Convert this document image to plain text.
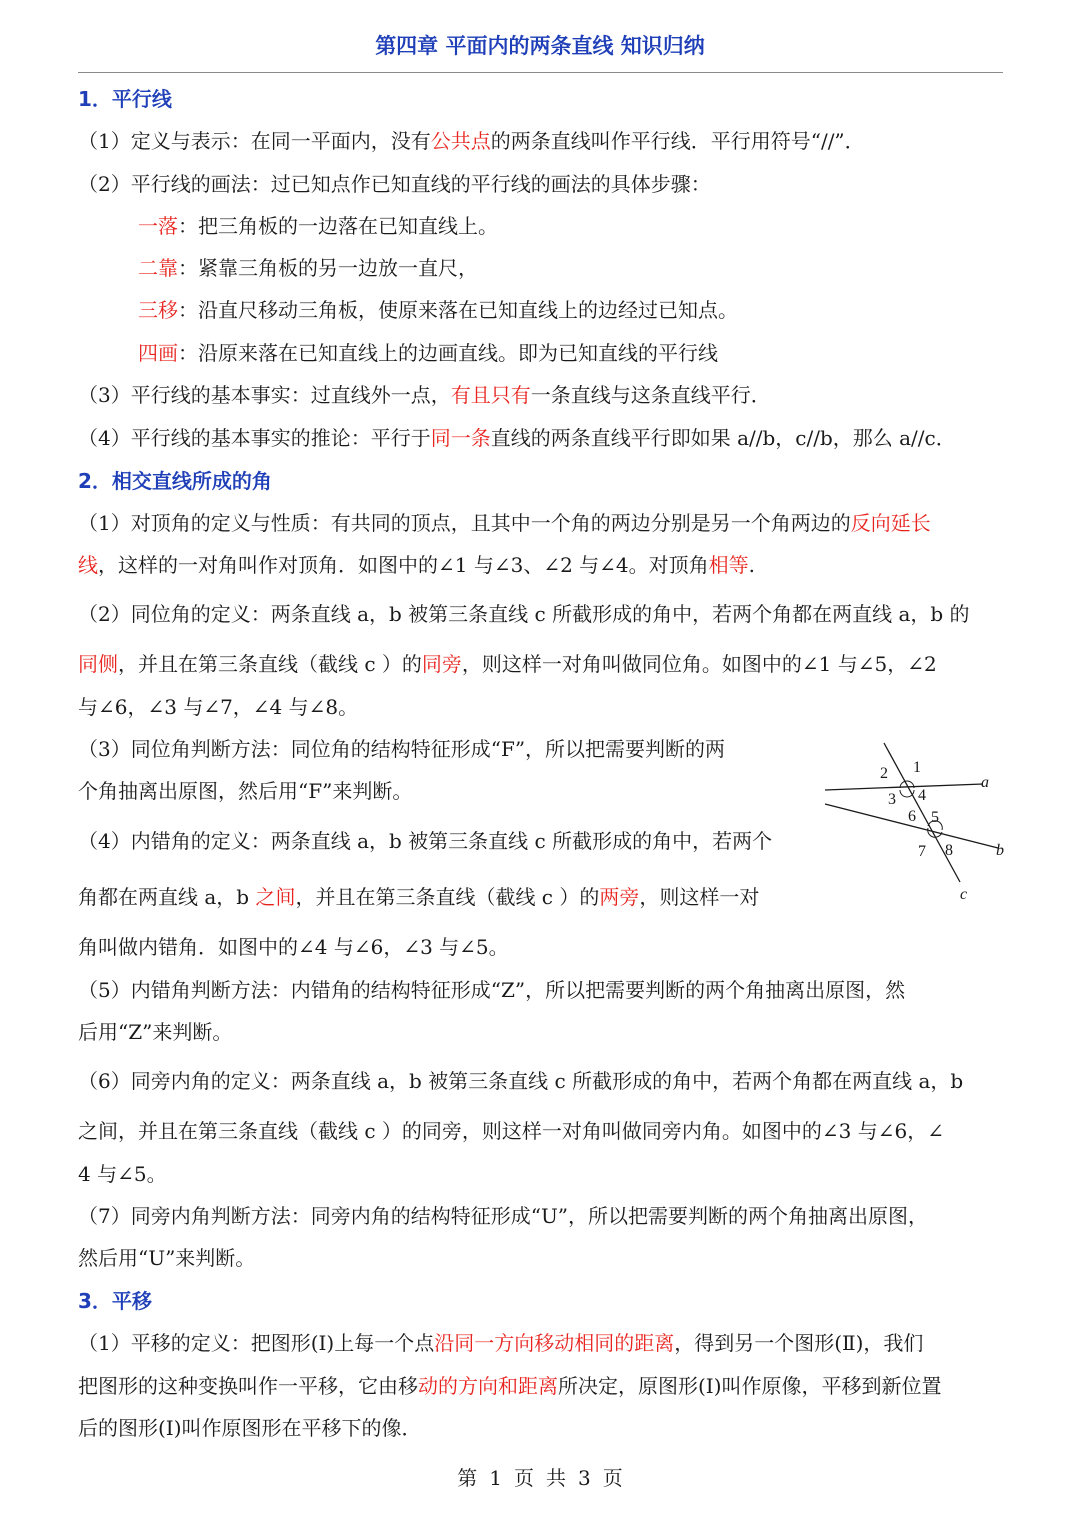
第四章 平面内的两条直线 知识归纳
1．平行线
（1）定义与表示：在同一平面内，没有公共点的两条直线叫作平行线．平行用符号“//”．
（2）平行线的画法：过已知点作已知直线的平行线的画法的具体步骤：
一落：把三角板的一边落在已知直线上。
二靠：紧靠三角板的另一边放一直尺，
三移：沿直尺移动三角板，使原来落在已知直线上的边经过已知点。
四画：沿原来落在已知直线上的边画直线。即为已知直线的平行线
（3）平行线的基本事实：过直线外一点，有且只有一条直线与这条直线平行．
（4）平行线的基本事实的推论：平行于同一条直线的两条直线平行即如果 a//b，c//b，那么 a//c．
2．相交直线所成的角
（1）对顶角的定义与性质：有共同的顶点，且其中一个角的两边分别是另一个角两边的反向延长
线，这样的一对角叫作对顶角．如图中的∠1 与∠3、∠2 与∠4。对顶角相等.
（2）同位角的定义：两条直线 a，b 被第三条直线 c 所截形成的角中，若两个角都在两直线 a，b 的
同侧，并且在第三条直线（截线 c ）的同旁，则这样一对角叫做同位角。如图中的∠1 与∠5，∠2
与∠6，∠3 与∠7，∠4 与∠8。
（3）同位角判断方法：同位角的结构特征形成“F”，所以把需要判断的两
个角抽离出原图，然后用“F”来判断。
（4）内错角的定义：两条直线 a，b 被第三条直线 c 所截形成的角中，若两个
角都在两直线 a，b 之间，并且在第三条直线（截线 c ）的两旁，则这样一对
角叫做内错角．如图中的∠4 与∠6，∠3 与∠5。
（5）内错角判断方法：内错角的结构特征形成“Z”，所以把需要判断的两个角抽离出原图，然
后用“Z”来判断。
（6）同旁内角的定义：两条直线 a，b 被第三条直线 c 所截形成的角中，若两个角都在两直线 a，b
之间，并且在第三条直线（截线 c ）的同旁，则这样一对角叫做同旁内角。如图中的∠3 与∠6，∠
4 与∠5。
（7）同旁内角判断方法：同旁内角的结构特征形成“U”，所以把需要判断的两个角抽离出原图，
然后用“U”来判断。
3．平移
（1）平移的定义：把图形(I)上每一个点沿同一方向移动相同的距离，得到另一个图形(Ⅱ)，我们
把图形的这种变换叫作一平移，它由移动的方向和距离所决定，原图形(I)叫作原像，平移到新位置
后的图形(I)叫作原图形在平移下的像．
a
b
c
1
2
3 4
5
6
7 8
第 1 页 共 3 页
